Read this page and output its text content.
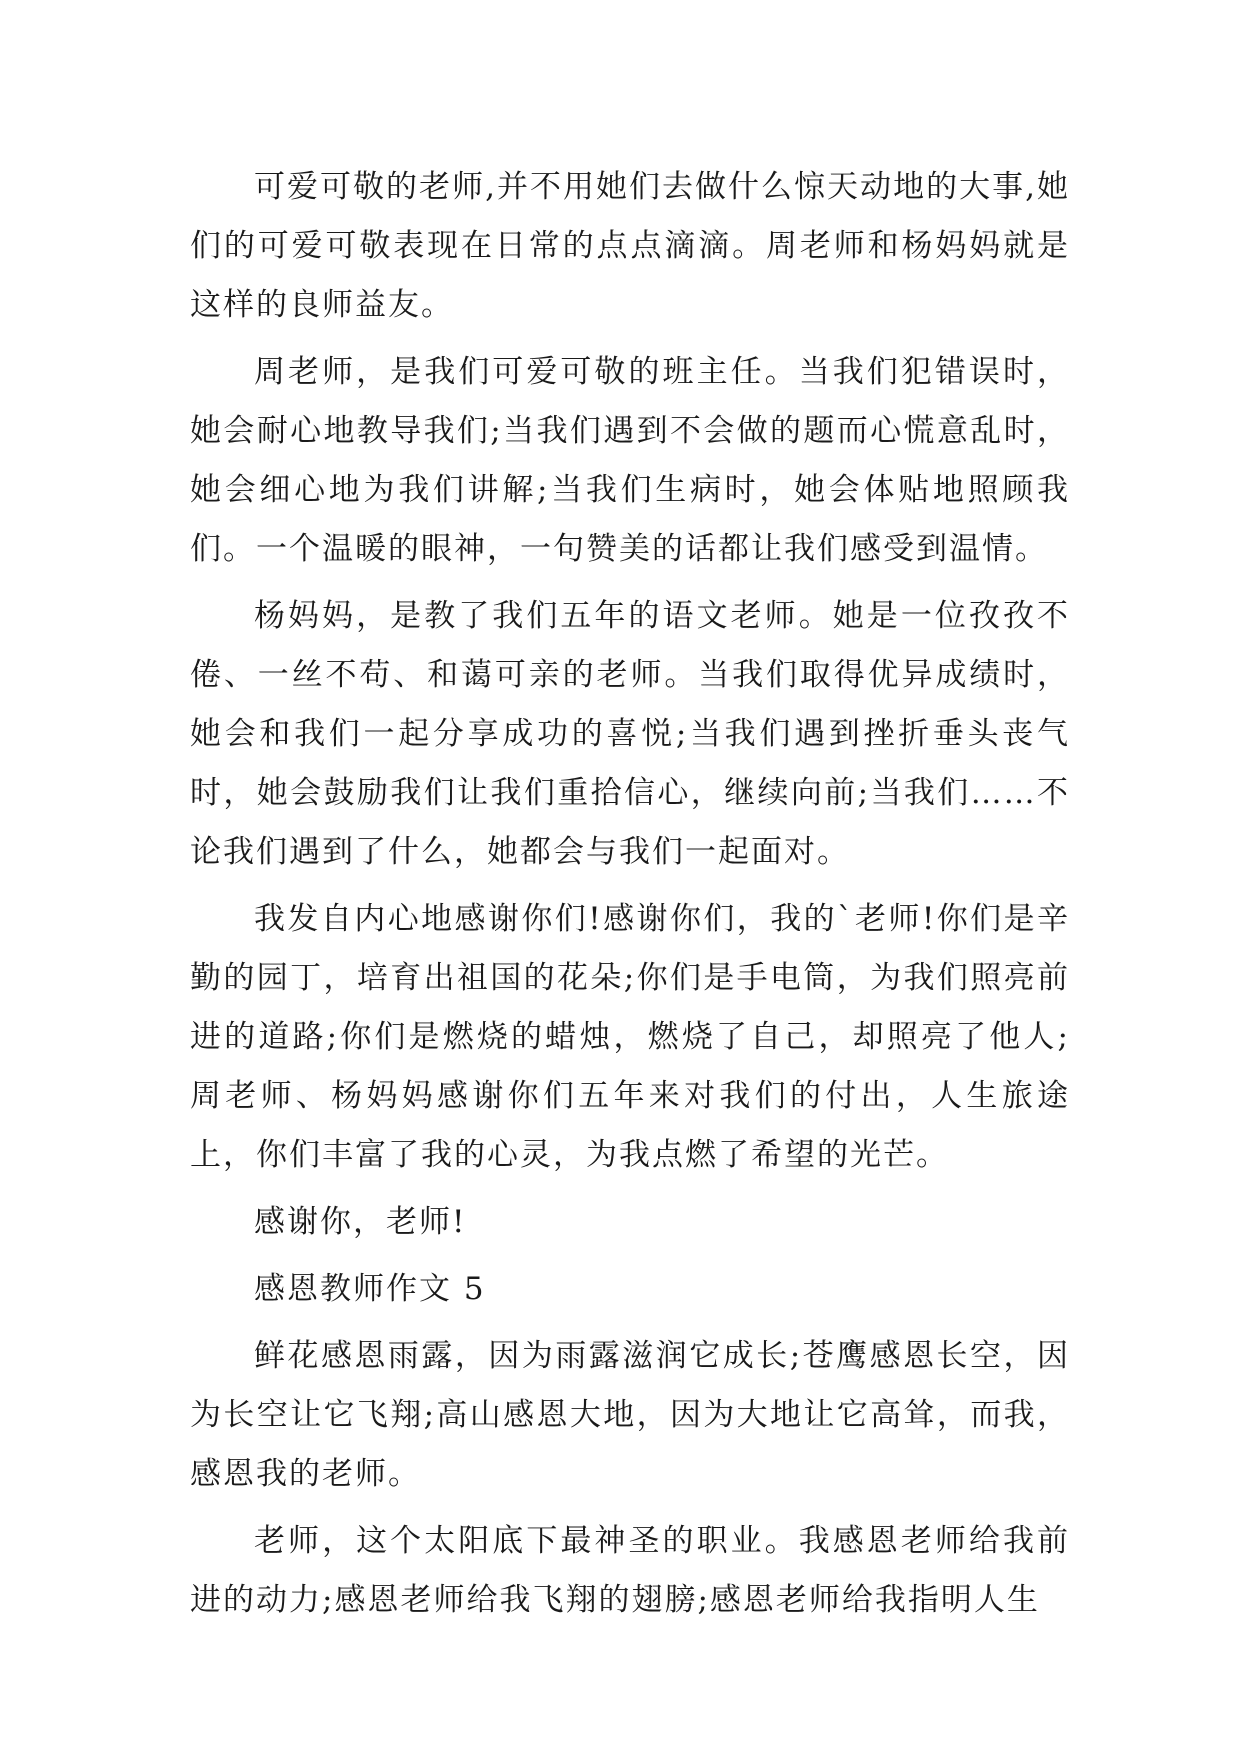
可爱可敬的老师,并不用她们去做什么惊天动地的大事,她们的可爱可敬表现在日常的点点滴滴。周老师和杨妈妈就是这样的良师益友。

周老师，是我们可爱可敬的班主任。当我们犯错误时，她会耐心地教导我们;当我们遇到不会做的题而心慌意乱时，她会细心地为我们讲解;当我们生病时，她会体贴地照顾我们。一个温暖的眼神，一句赞美的话都让我们感受到温情。

杨妈妈，是教了我们五年的语文老师。她是一位孜孜不倦、一丝不苟、和蔼可亲的老师。当我们取得优异成绩时，她会和我们一起分享成功的喜悦;当我们遇到挫折垂头丧气时，她会鼓励我们让我们重拾信心，继续向前;当我们……不论我们遇到了什么，她都会与我们一起面对。

我发自内心地感谢你们!感谢你们，我的`老师!你们是辛勤的园丁，培育出祖国的花朵;你们是手电筒，为我们照亮前进的道路;你们是燃烧的蜡烛，燃烧了自己，却照亮了他人;周老师、杨妈妈感谢你们五年来对我们的付出，人生旅途上，你们丰富了我的心灵，为我点燃了希望的光芒。

感谢你，老师!

感恩教师作文 5

鲜花感恩雨露，因为雨露滋润它成长;苍鹰感恩长空，因为长空让它飞翔;高山感恩大地，因为大地让它高耸，而我，感恩我的老师。

老师，这个太阳底下最神圣的职业。我感恩老师给我前进的动力;感恩老师给我飞翔的翅膀;感恩老师给我指明人生
